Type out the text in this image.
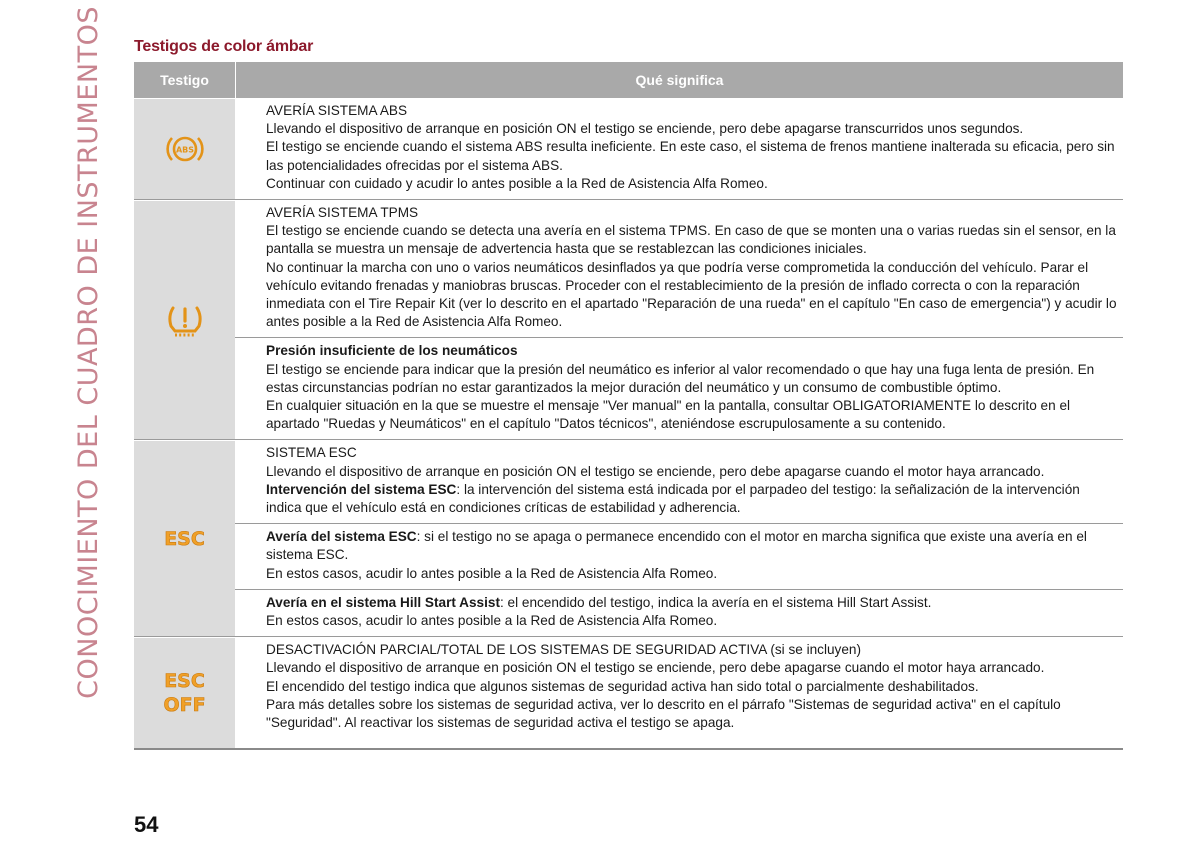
CONOCIMIENTO DEL CUADRO DE INSTRUMENTOS Testigos de color ámbar
Testigo	Qué significa
ABS

AVERÍA SISTEMA ABS

Llevando el dispositivo de arranque en posición ON el testigo se enciende, pero debe apagarse transcurridos unos segundos.

El testigo se enciende cuando el sistema ABS resulta ineficiente. En este caso, el sistema de frenos mantiene inalterada su eficacia, pero sin las potencialidades ofrecidas por el sistema ABS.

Continuar con cuidado y acudir lo antes posible a la Red de Asistencia Alfa Romeo.

AVERÍA SISTEMA TPMS

El testigo se enciende cuando se detecta una avería en el sistema TPMS. En caso de que se monten una o varias ruedas sin el sensor, en la pantalla se muestra un mensaje de advertencia hasta que se restablezcan las condiciones iniciales.

No continuar la marcha con uno o varios neumáticos desinflados ya que podría verse comprometida la conducción del vehículo. Parar el vehículo evitando frenadas y maniobras bruscas. Proceder con el restablecimiento de la presión de inflado correcta o con la reparación inmediata con el Tire Repair Kit (ver lo descrito en el apartado "Reparación de una rueda" en el capítulo "En caso de emergencia") y acudir lo antes posible a la Red de Asistencia Alfa Romeo.

Presión insuficiente de los neumáticos

El testigo se enciende para indicar que la presión del neumático es inferior al valor recomendado o que hay una fuga lenta de presión. En estas circunstancias podrían no estar garantizados la mejor duración del neumático y un consumo de combustible óptimo.

En cualquier situación en la que se muestre el mensaje "Ver manual" en la pantalla, consultar OBLIGATORIAMENTE lo descrito en el apartado "Ruedas y Neumáticos" en el capítulo "Datos técnicos", ateniéndose escrupulosamente a su contenido.

ESC

SISTEMA ESC

Llevando el dispositivo de arranque en posición ON el testigo se enciende, pero debe apagarse cuando el motor haya arrancado.

Intervención del sistema ESC: la intervención del sistema está indicada por el parpadeo del testigo: la señalización de la intervención indica que el vehículo está en condiciones críticas de estabilidad y adherencia.

Avería del sistema ESC: si el testigo no se apaga o permanece encendido con el motor en marcha significa que existe una avería en el sistema ESC.

En estos casos, acudir lo antes posible a la Red de Asistencia Alfa Romeo.

Avería en el sistema Hill Start Assist: el encendido del testigo, indica la avería en el sistema Hill Start Assist.

En estos casos, acudir lo antes posible a la Red de Asistencia Alfa Romeo.

ESC
OFF

DESACTIVACIÓN PARCIAL/TOTAL DE LOS SISTEMAS DE SEGURIDAD ACTIVA (si se incluyen)

Llevando el dispositivo de arranque en posición ON el testigo se enciende, pero debe apagarse cuando el motor haya arrancado.

El encendido del testigo indica que algunos sistemas de seguridad activa han sido total o parcialmente deshabilitados.

Para más detalles sobre los sistemas de seguridad activa, ver lo descrito en el párrafo "Sistemas de seguridad activa" en el capítulo "Seguridad". Al reactivar los sistemas de seguridad activa el testigo se apaga.

54
